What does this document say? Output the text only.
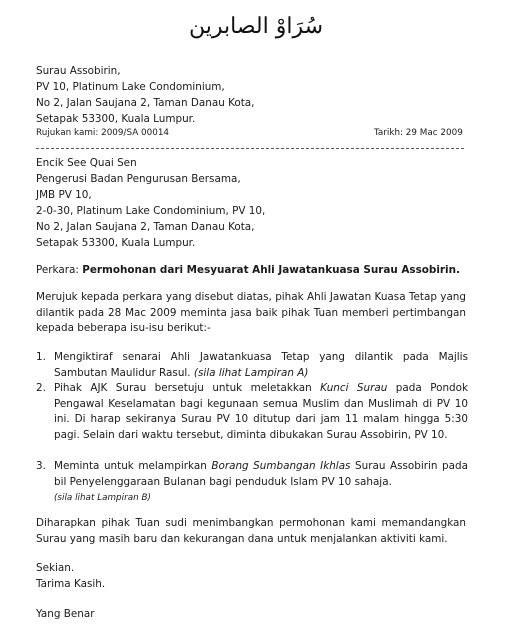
سُرَاوْ الصابرين
Surau Assobirin,
PV 10, Platinum Lake Condominium,
No 2, Jalan Saujana 2, Taman Danau Kota,
Setapak 53300, Kuala Lumpur.
Rujukan kami: 2009/SA 00014	Tarikh: 29 Mac 2009
Encik See Quai Sen
Pengerusi Badan Pengurusan Bersama,
JMB PV 10,
2-0-30, Platinum Lake Condominium, PV 10,
No 2, Jalan Saujana 2, Taman Danau Kota,
Setapak 53300, Kuala Lumpur.
Perkara: Permohonan dari Mesyuarat Ahli Jawatankuasa Surau Assobirin.
Merujuk kepada perkara yang disebut diatas, pihak Ahli Jawatan Kuasa Tetap yang dilantik pada 28 Mac 2009 meminta jasa baik pihak Tuan memberi pertimbangan kepada beberapa isu-isu berikut:-
1. Mengiktiraf senarai Ahli Jawatankuasa Tetap yang dilantik pada Majlis Sambutan Maulidur Rasul. (sila lihat Lampiran A)
2. Pihak AJK Surau bersetuju untuk meletakkan Kunci Surau pada Pondok Pengawal Keselamatan bagi kegunaan semua Muslim dan Muslimah di PV 10 ini. Di harap sekiranya Surau PV 10 ditutup dari jam 11 malam hingga 5:30 pagi. Selain dari waktu tersebut, diminta dibukakan Surau Assobirin, PV 10.
3. Meminta untuk melampirkan Borang Sumbangan Ikhlas Surau Assobirin pada bil Penyelenggaraan Bulanan bagi penduduk Islam PV 10 sahaja.
(sila lihat Lampiran B)
Diharapkan pihak Tuan sudi menimbangkan permohonan kami memandangkan Surau yang masih baru dan kekurangan dana untuk menjalankan aktiviti kami.
Sekian.
Tarima Kasih.
Yang Benar
